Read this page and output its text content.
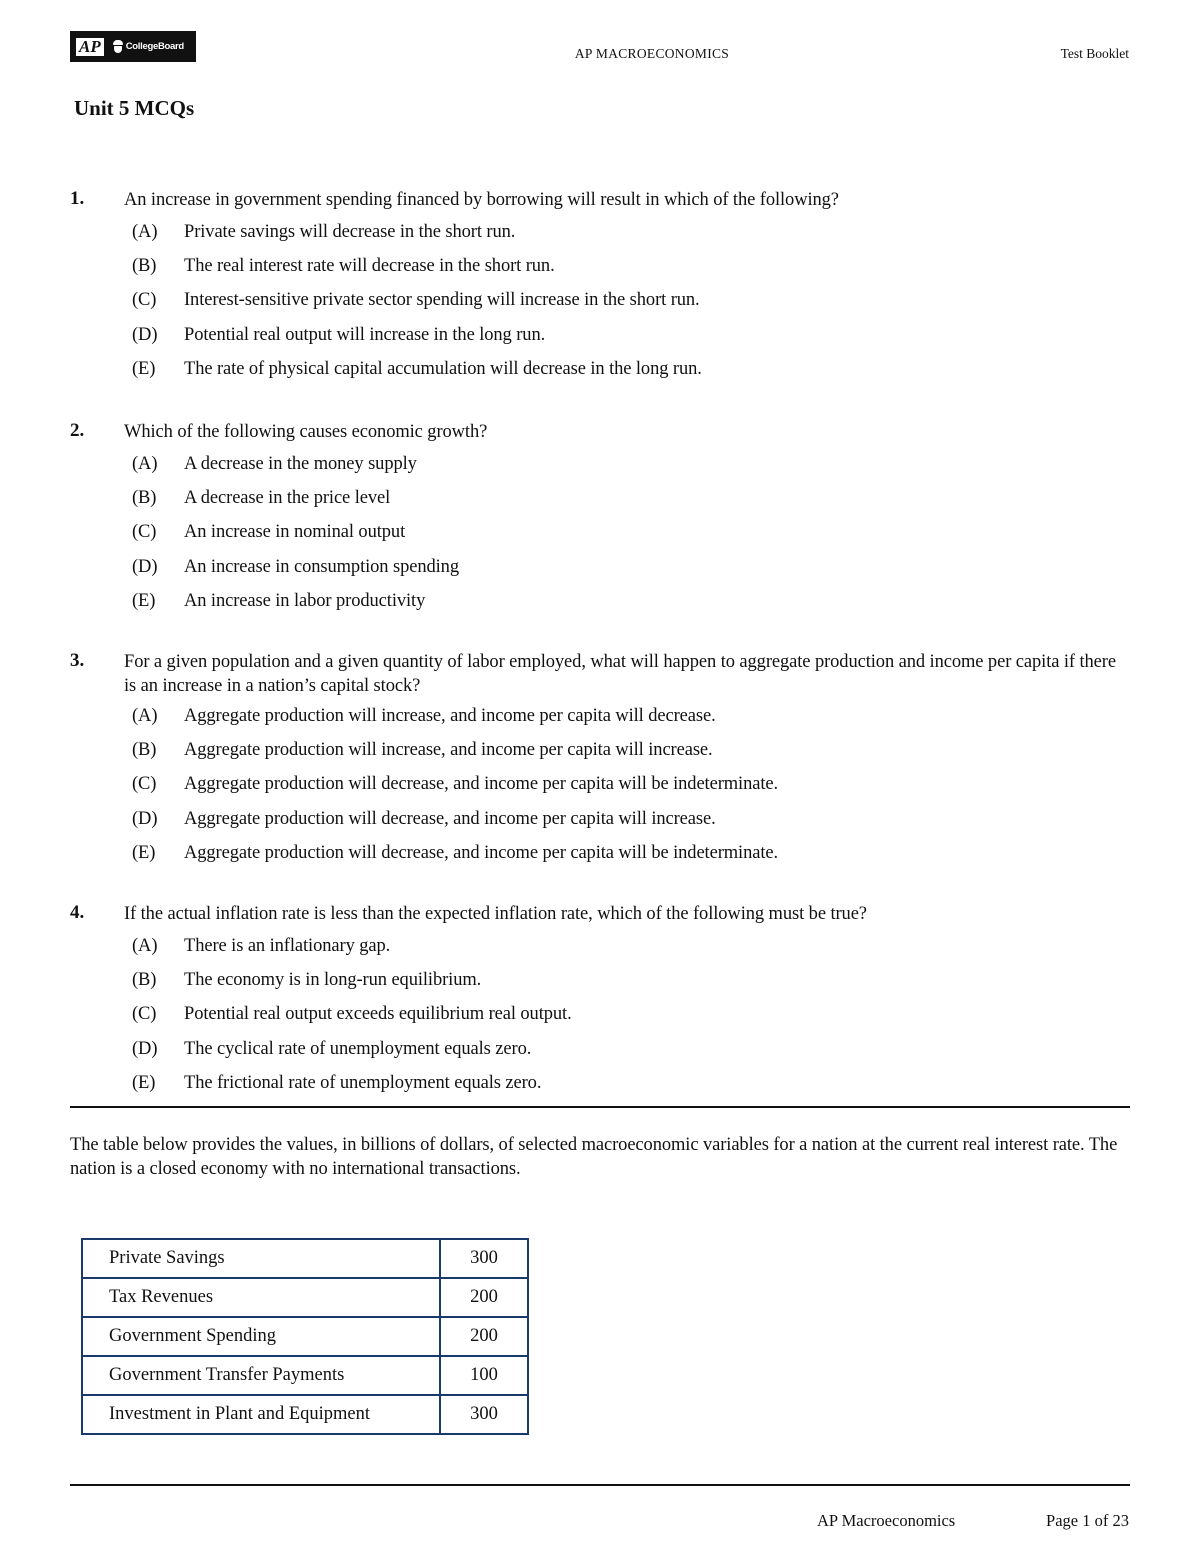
AP	CollegeBoard	AP MACROECONOMICS	Test Booklet
Unit 5 MCQs
1. An increase in government spending financed by borrowing will result in which of the following?
(A) Private savings will decrease in the short run.
(B) The real interest rate will decrease in the short run.
(C) Interest-sensitive private sector spending will increase in the short run.
(D) Potential real output will increase in the long run.
(E) The rate of physical capital accumulation will decrease in the long run.
2. Which of the following causes economic growth?
(A) A decrease in the money supply
(B) A decrease in the price level
(C) An increase in nominal output
(D) An increase in consumption spending
(E) An increase in labor productivity
3. For a given population and a given quantity of labor employed, what will happen to aggregate production and income per capita if there is an increase in a nation’s capital stock?
(A) Aggregate production will increase, and income per capita will decrease.
(B) Aggregate production will increase, and income per capita will increase.
(C) Aggregate production will decrease, and income per capita will be indeterminate.
(D) Aggregate production will decrease, and income per capita will increase.
(E) Aggregate production will decrease, and income per capita will be indeterminate.
4. If the actual inflation rate is less than the expected inflation rate, which of the following must be true?
(A) There is an inflationary gap.
(B) The economy is in long-run equilibrium.
(C) Potential real output exceeds equilibrium real output.
(D) The cyclical rate of unemployment equals zero.
(E) The frictional rate of unemployment equals zero.
The table below provides the values, in billions of dollars, of selected macroeconomic variables for a nation at the current real interest rate. The nation is a closed economy with no international transactions.
Private Savings	300
Tax Revenues	200
Government Spending	200
Government Transfer Payments	100
Investment in Plant and Equipment	300
AP Macroeconomics	Page 1 of 23
